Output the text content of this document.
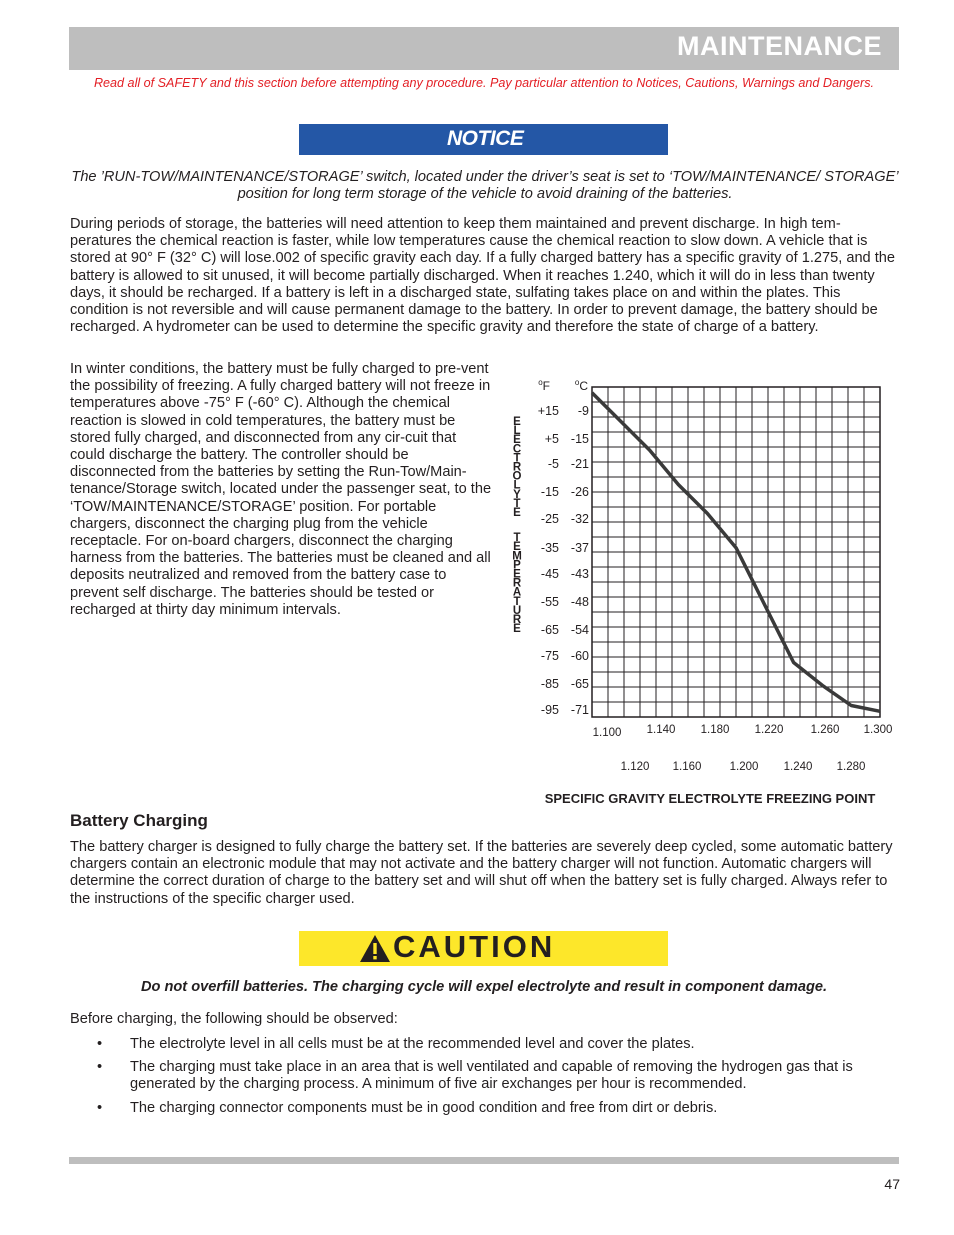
MAINTENANCE
Read all of SAFETY and this section before attempting any procedure. Pay particular attention to Notices, Cautions, Warnings and Dangers.
NOTICE
The ’RUN-TOW/MAINTENANCE/STORAGE’ switch, located under the driver’s seat is set to ‘TOW/MAINTENANCE/ STORAGE’ position for long term storage of the vehicle to avoid draining of the batteries.
During periods of storage, the batteries will need attention to keep them maintained and prevent discharge. In high tem-peratures the chemical reaction is faster, while low temperatures cause the chemical reaction to slow down. A vehicle that is stored at 90° F (32° C) will lose.002 of specific gravity each day. If a fully charged battery has a specific gravity of 1.275, and the battery is allowed to sit unused, it will become partially discharged. When it reaches 1.240, which it will do in less than twenty days, it should be recharged. If a battery is left in a discharged state, sulfating takes place on and within the plates. This condition is not reversible and will cause permanent damage to the battery. In order to prevent damage, the battery should be recharged. A hydrometer can be used to determine the specific gravity and therefore the state of charge of a battery.
In winter conditions, the battery must be fully charged to pre-vent the possibility of freezing. A fully charged battery will not freeze in temperatures above -75° F (-60° C). Although the chemical reaction is slowed in cold temperatures, the battery must be stored fully charged, and disconnected from any cir-cuit that could discharge the battery. The controller should be disconnected from the batteries by setting the Run-Tow/Main-tenance/Storage switch, located under the passenger seat, to the ‘TOW/MAINTENANCE/STORAGE’ position. For portable chargers, disconnect the charging plug from the vehicle receptacle. For on-board chargers, disconnect the charging harness from the batteries. The batteries must be cleaned and all deposits neutralized and removed from the battery case to prevent self discharge. The batteries should be tested or recharged at thirty day minimum intervals.
E
L
E
C
T
R
O
L
Y
T
E
T
E
M
P
E
R
A
T
U
R
E
+15
+5
-5
-15
-25
-35
-45
-55
-65
-75
-85
-95
-9
-15
-21
-26
-32
-37
-43
-48
-54
-60
-65
-71
1.100 1.140 1.180 1.220 1.260 1.300
1.120 1.160 1.200 1.240 1.280
$^o$F	$^o$C
SPECIFIC GRAVITY ELECTROLYTE FREEZING POINT
Battery Charging
The battery charger is designed to fully charge the battery set. If the batteries are severely deep cycled, some automatic battery chargers contain an electronic module that may not activate and the battery charger will not function. Automatic chargers will determine the correct duration of charge to the battery set and will shut off when the battery set is fully charged. Always refer to the instructions of the specific charger used.
CAUTION
Do not overfill batteries. The charging cycle will expel electrolyte and result in component damage.
Before charging, the following should be observed:
• The electrolyte level in all cells must be at the recommended level and cover the plates.
• The charging must take place in an area that is well ventilated and capable of removing the hydrogen gas that is generated by the charging process. A minimum of five air exchanges per hour is recommended.
• The charging connector components must be in good condition and free from dirt or debris.
47
